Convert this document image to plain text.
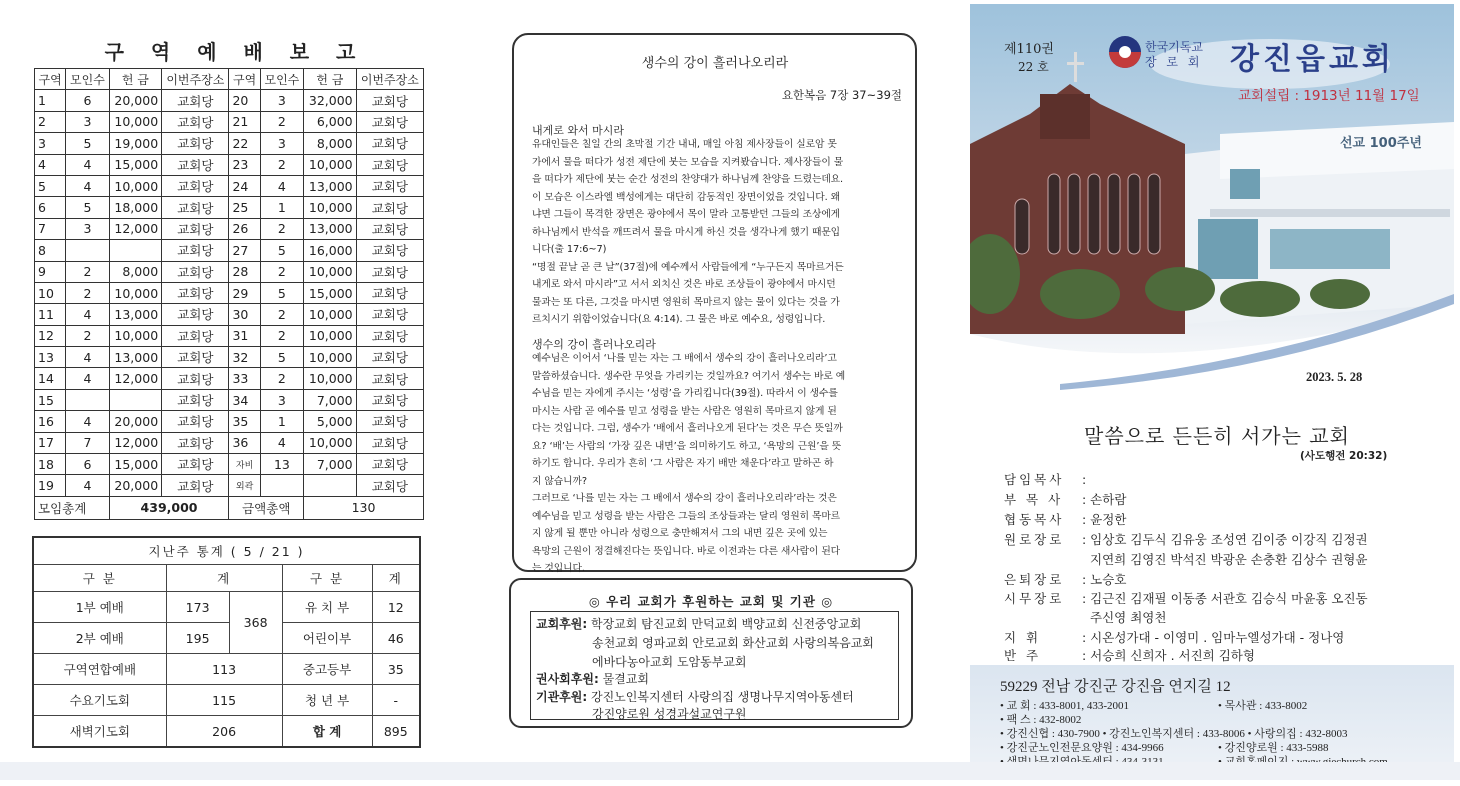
구 역 예 배 보 고
구역	모인수	헌 금	이번주장소	구역	모인수	헌 금	이번주장소
1	6	20,000	교회당	20	3	32,000	교회당
2	3	10,000	교회당	21	2	6,000	교회당
3	5	19,000	교회당	22	3	8,000	교회당
4	4	15,000	교회당	23	2	10,000	교회당
5	4	10,000	교회당	24	4	13,000	교회당
6	5	18,000	교회당	25	1	10,000	교회당
7	3	12,000	교회당	26	2	13,000	교회당
8			교회당	27	5	16,000	교회당
9	2	8,000	교회당	28	2	10,000	교회당
10	2	10,000	교회당	29	5	15,000	교회당
11	4	13,000	교회당	30	2	10,000	교회당
12	2	10,000	교회당	31	2	10,000	교회당
13	4	13,000	교회당	32	5	10,000	교회당
14	4	12,000	교회당	33	2	10,000	교회당
15			교회당	34	3	7,000	교회당
16	4	20,000	교회당	35	1	5,000	교회당
17	7	12,000	교회당	36	4	10,000	교회당
18	6	15,000	교회당	자비	13	7,000	교회당
19	4	20,000	교회당	외곽			교회당
모임총계		439,000		금액총액		130	
지난주 통계 ( 5 / 21 )				
구 분	계		구 분	계
1부 예배	173	368	유 치 부	12
2부 예배	195		어린이부	46
구역연합예배	113		중고등부	35
수요기도회	115		청 년 부	-
새벽기도회	206		합 계	895
생수의 강이 흘러나오리라
요한복음 7장 37~39절
내게로 와서 마시라
유대인들은 칠일 간의 초막절 기간 내내, 매일 아침 제사장들이 실로암 못
가에서 물을 떠다가 성전 제단에 붓는 모습을 지켜봤습니다. 제사장들이 물
을 떠다가 제단에 붓는 순간 성전의 찬양대가 하나님께 찬양을 드렸는데요.
이 모습은 이스라엘 백성에게는 대단히 감동적인 장면이었을 것입니다. 왜
냐면 그들이 목격한 장면은 광야에서 목이 말라 고통받던 그들의 조상에게
하나님께서 반석을 깨뜨려서 물을 마시게 하신 것을 생각나게 했기 때문입
니다(출 17:6~7)
“명절 끝날 곧 큰 날”(37절)에 예수께서 사람들에게 “누구든지 목마르거든
내게로 와서 마시라”고 서서 외치신 것은 바로 조상들이 광야에서 마시던
물과는 또 다른, 그것을 마시면 영원히 목마르지 않는 물이 있다는 것을 가
르치시기 위함이었습니다(요 4:14). 그 물은 바로 예수요, 성령입니다.
생수의 강이 흘러나오리라
예수님은 이어서 ‘나를 믿는 자는 그 배에서 생수의 강이 흘러나오리라’고
말씀하셨습니다. 생수란 무엇을 가리키는 것일까요? 여기서 생수는 바로 예
수님을 믿는 자에게 주시는 ‘성령’을 가리킵니다(39절). 따라서 이 생수를
마시는 사람 곧 예수를 믿고 성령을 받는 사람은 영원히 목마르지 않게 된
다는 것입니다. 그럼, 생수가 ‘배에서 흘러나오게 된다’는 것은 무슨 뜻일까
요? ‘배’는 사람의 ‘가장 깊은 내면’을 의미하기도 하고, ‘욕망의 근원’을 뜻
하기도 합니다. 우리가 흔히 ‘그 사람은 자기 배만 채운다’라고 말하곤 하
지 않습니까?
그러므로 ‘나를 믿는 자는 그 배에서 생수의 강이 흘러나오리라’라는 것은
예수님을 믿고 성령을 받는 사람은 그들의 조상들과는 달리 영원히 목마르
지 않게 될 뿐만 아니라 성령으로 충만해져서 그의 내면 깊은 곳에 있는
욕망의 근원이 정결해진다는 뜻입니다. 바로 이전과는 다른 새사람이 된다
는 것입니다.
◎ 우리 교회가 후원하는 교회 및 기관 ◎
교회후원: 학장교회 탐진교회 만덕교회 백양교회 신전중앙교회
송천교회 영파교회 안로교회 화산교회 사랑의복음교회
에바다농아교회 도암동부교회
권사회후원: 물결교회
기관후원: 강진노인복지센터 사랑의집 생명나무지역아동센터
강진양로원 성경과설교연구원
선교 100주년
제110권
22 호
한국기독교
장 로 회 강진읍교회
교회설립 : 1913년 11월 17일
2023. 5. 28
말씀으로 든든히 서가는 교회
(사도행전 20:32)
담임목사 :
부 목 사 : 손하람
협동목사 : 윤정한
원로장로 : 임상호 김두식 김유웅 조성연 김이중 이강직 김정권
지연희 김영진 박석진 박광운 손충환 김상수 권형윤
은퇴장로 : 노승호
시무장로 : 김근진 김재필 이동종 서관호 김승식 마윤홍 오진동
주신영 최영천
지 휘	: 시온성가대 - 이영미 . 임마누엘성가대 - 정나영
반 주	: 서승희 신희자 . 서진희 김하형
59229 전남 강진군 강진읍 연지길 12
• 교 회 : 433-8001, 433-2001	• 목사관 : 433-8002
• 팩 스 : 432-8002
• 강진신협 : 430-7900 • 강진노인복지센터 : 433-8006 • 사랑의집 : 432-8003
• 강진군노인전문요양원 : 434-9966	• 강진양로원 : 433-5988
